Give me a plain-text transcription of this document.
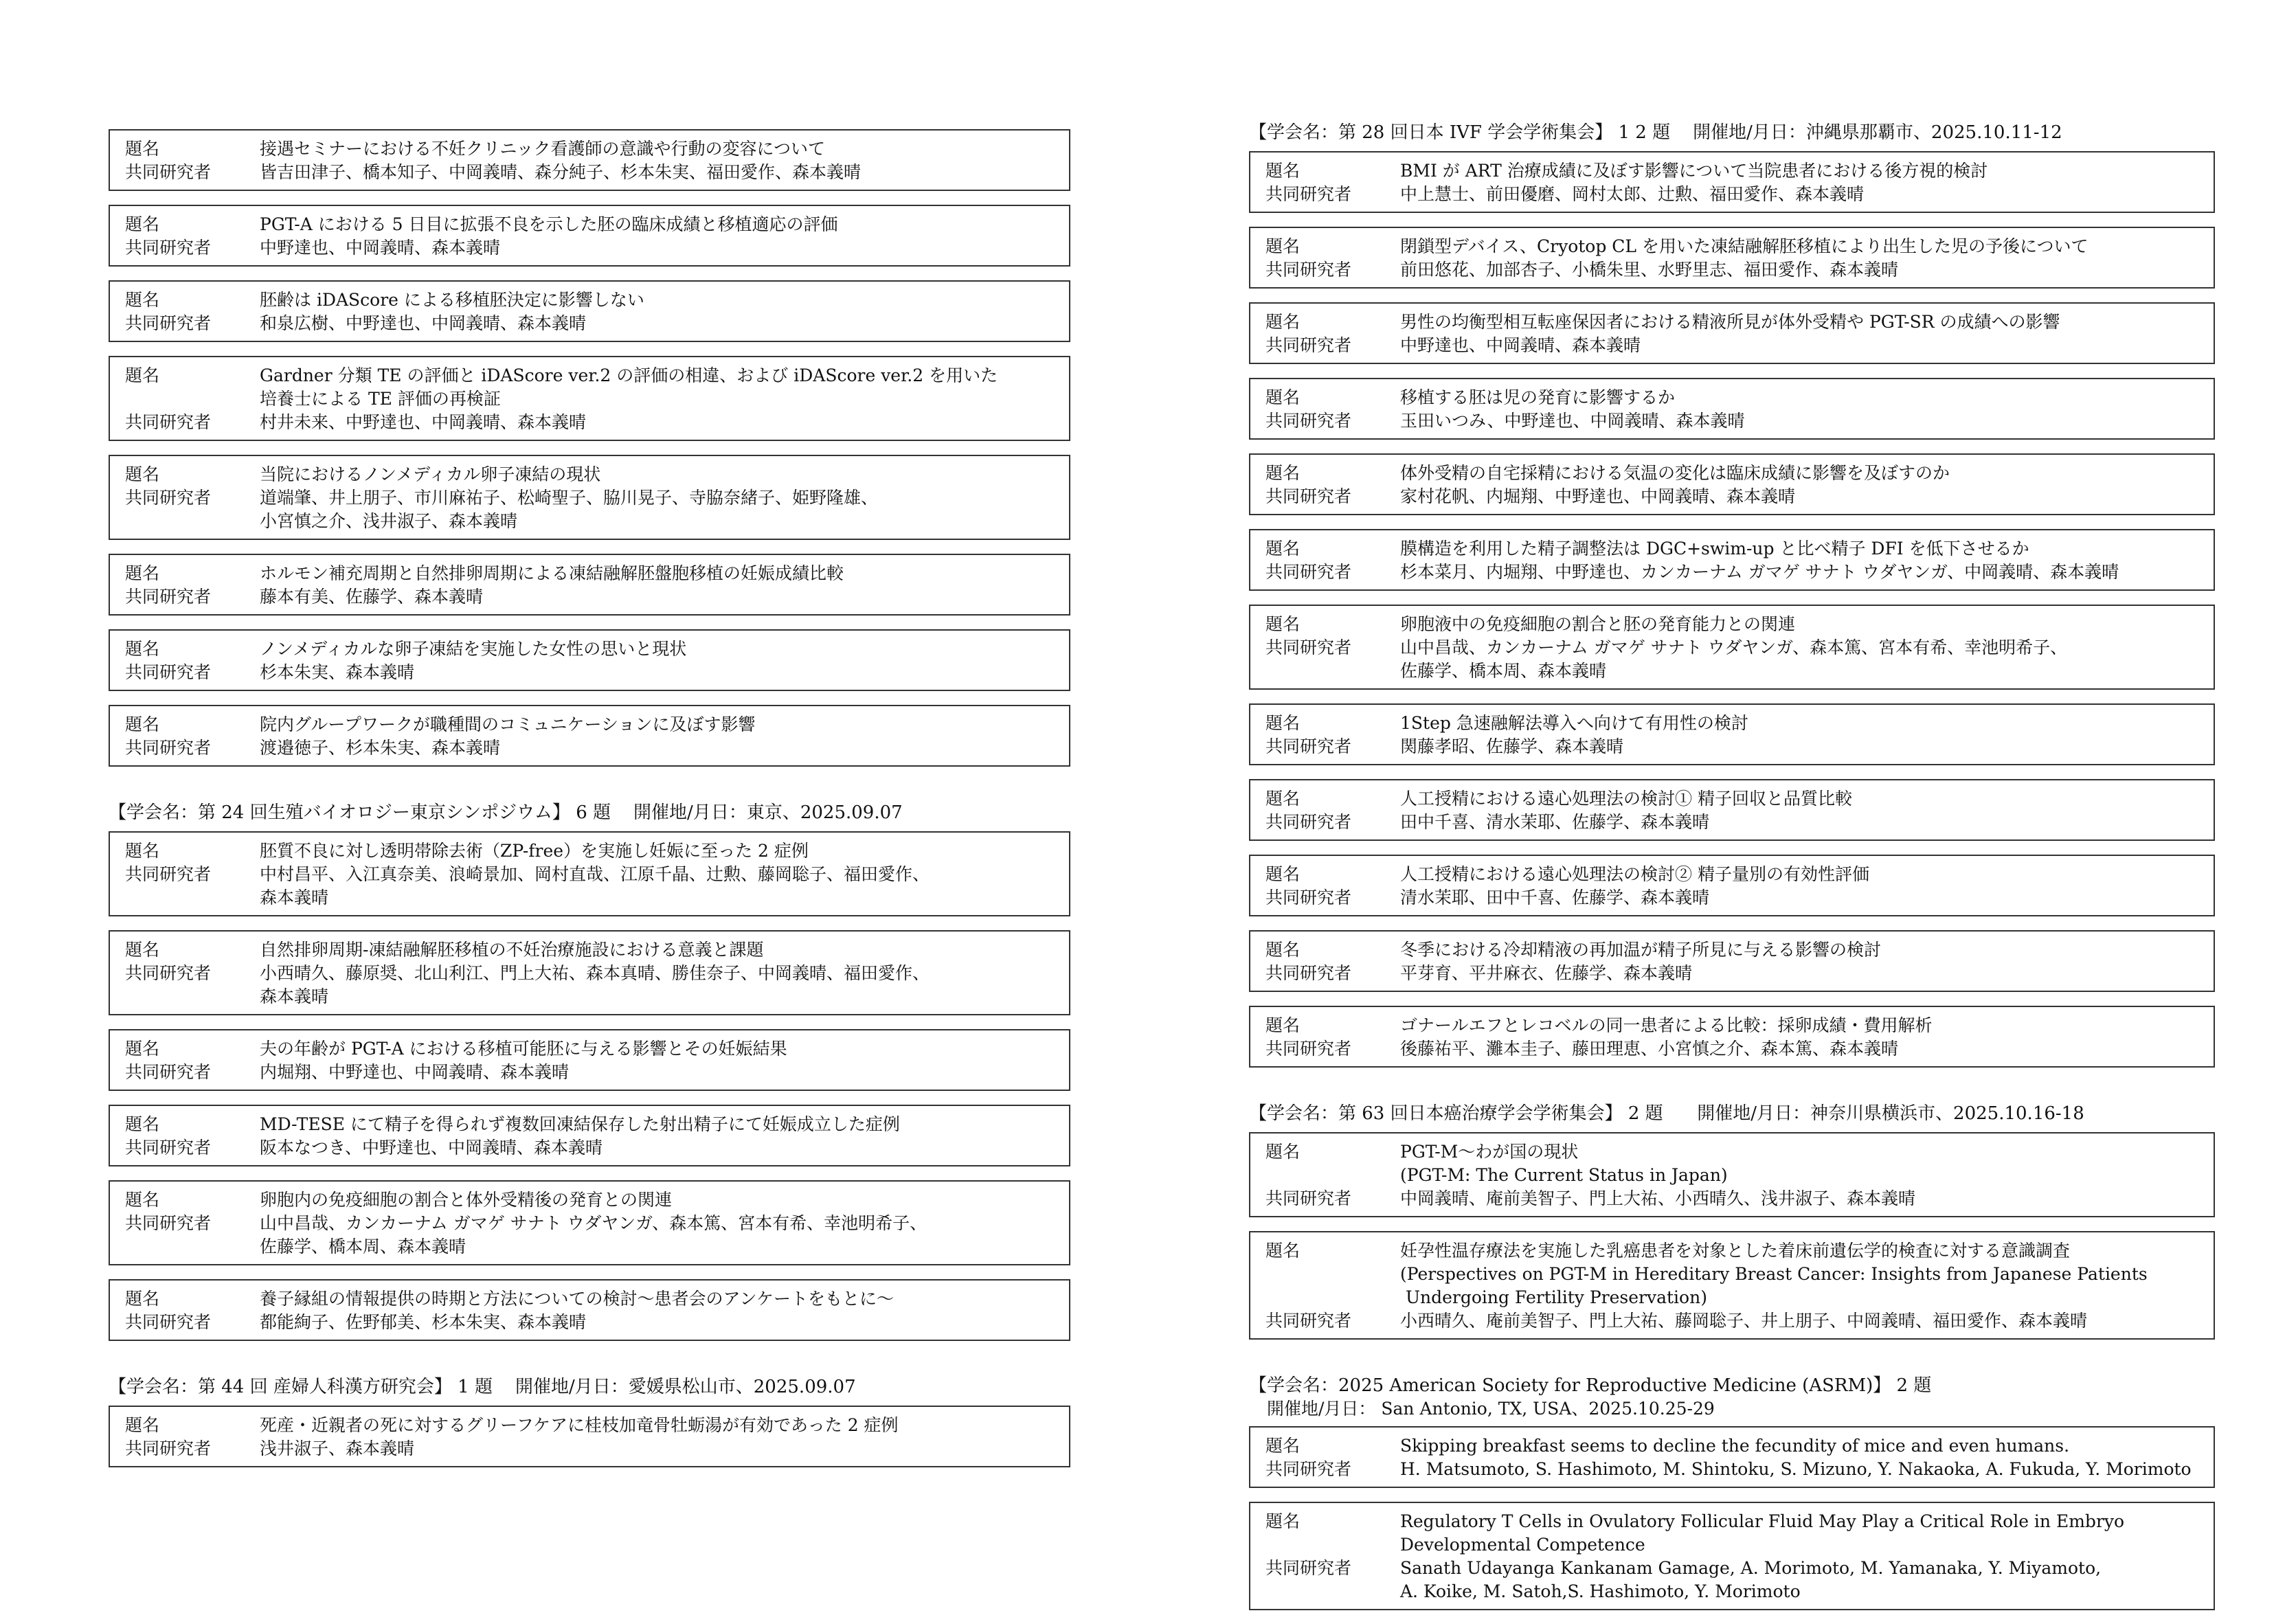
題名	接遇セミナーにおける不妊クリニック看護師の意識や行動の変容について
共同研究者	皆吉田津子、橋本知子、中岡義晴、森分純子、杉本朱実、福田愛作、森本義晴
題名	PGT-A における 5 日目に拡張不良を示した胚の臨床成績と移植適応の評価
共同研究者	中野達也、中岡義晴、森本義晴
題名	胚齢は iDAScore による移植胚決定に影響しない
共同研究者	和泉広樹、中野達也、中岡義晴、森本義晴
題名	Gardner 分類 TE の評価と iDAScore ver.2 の評価の相違、および iDAScore ver.2 を用いた
培養士による TE 評価の再検証
共同研究者	村井未来、中野達也、中岡義晴、森本義晴
題名	当院におけるノンメディカル卵子凍結の現状
共同研究者	道端肇、井上朋子、市川麻祐子、松崎聖子、脇川晃子、寺脇奈緒子、姫野隆雄、
小宮慎之介、浅井淑子、森本義晴
題名	ホルモン補充周期と自然排卵周期による凍結融解胚盤胞移植の妊娠成績比較
共同研究者	藤本有美、佐藤学、森本義晴
題名	ノンメディカルな卵子凍結を実施した女性の思いと現状
共同研究者	杉本朱実、森本義晴
題名	院内グループワークが職種間のコミュニケーションに及ぼす影響
共同研究者	渡邉徳子、杉本朱実、森本義晴
【学会名：第 24 回生殖バイオロジー東京シンポジウム】 6 題    開催地/月日：東京、2025.09.07
題名	胚質不良に対し透明帯除去術（ZP-free）を実施し妊娠に至った 2 症例
共同研究者	中村昌平、入江真奈美、浪崎景加、岡村直哉、江原千晶、辻勲、藤岡聡子、福田愛作、
森本義晴
題名	自然排卵周期-凍結融解胚移植の不妊治療施設における意義と課題
共同研究者	小西晴久、藤原奨、北山利江、門上大祐、森本真晴、勝佳奈子、中岡義晴、福田愛作、
森本義晴
題名	夫の年齢が PGT-A における移植可能胚に与える影響とその妊娠結果
共同研究者	内堀翔、中野達也、中岡義晴、森本義晴
題名	MD-TESE にて精子を得られず複数回凍結保存した射出精子にて妊娠成立した症例
共同研究者	阪本なつき、中野達也、中岡義晴、森本義晴
題名	卵胞内の免疫細胞の割合と体外受精後の発育との関連
共同研究者	山中昌哉、カンカーナム ガマゲ サナト ウダヤンガ、森本篤、宮本有希、幸池明希子、
佐藤学、橋本周、森本義晴
題名	養子縁組の情報提供の時期と方法についての検討～患者会のアンケートをもとに～
共同研究者	都能絢子、佐野郁美、杉本朱実、森本義晴
【学会名：第 44 回 産婦人科漢方研究会】 1 題    開催地/月日：愛媛県松山市、2025.09.07
題名	死産・近親者の死に対するグリーフケアに桂枝加竜骨牡蛎湯が有効であった 2 症例
共同研究者	浅井淑子、森本義晴
【学会名：第 28 回日本 IVF 学会学術集会】 1 2 題    開催地/月日：沖縄県那覇市、2025.10.11-12
題名	BMI が ART 治療成績に及ぼす影響について当院患者における後方視的検討
共同研究者	中上慧士、前田優磨、岡村太郎、辻勲、福田愛作、森本義晴
題名	閉鎖型デバイス、Cryotop CL を用いた凍結融解胚移植により出生した児の予後について
共同研究者	前田悠花、加部杏子、小橋朱里、水野里志、福田愛作、森本義晴
題名	男性の均衡型相互転座保因者における精液所見が体外受精や PGT-SR の成績への影響
共同研究者	中野達也、中岡義晴、森本義晴
題名	移植する胚は児の発育に影響するか
共同研究者	玉田いつみ、中野達也、中岡義晴、森本義晴
題名	体外受精の自宅採精における気温の変化は臨床成績に影響を及ぼすのか
共同研究者	家村花帆、内堀翔、中野達也、中岡義晴、森本義晴
題名	膜構造を利用した精子調整法は DGC+swim-up と比べ精子 DFI を低下させるか
共同研究者	杉本菜月、内堀翔、中野達也、カンカーナム ガマゲ サナト ウダヤンガ、中岡義晴、森本義晴
題名	卵胞液中の免疫細胞の割合と胚の発育能力との関連
共同研究者	山中昌哉、カンカーナム ガマゲ サナト ウダヤンガ、森本篤、宮本有希、幸池明希子、
佐藤学、橋本周、森本義晴
題名	1Step 急速融解法導入へ向けて有用性の検討
共同研究者	関藤孝昭、佐藤学、森本義晴
題名	人工授精における遠心処理法の検討① 精子回収と品質比較
共同研究者	田中千喜、清水茉耶、佐藤学、森本義晴
題名	人工授精における遠心処理法の検討② 精子量別の有効性評価
共同研究者	清水茉耶、田中千喜、佐藤学、森本義晴
題名	冬季における冷却精液の再加温が精子所見に与える影響の検討
共同研究者	平芽育、平井麻衣、佐藤学、森本義晴
題名	ゴナールエフとレコベルの同一患者による比較：採卵成績・費用解析
共同研究者	後藤祐平、灘本圭子、藤田理恵、小宮慎之介、森本篤、森本義晴
【学会名：第 63 回日本癌治療学会学術集会】 2 題      開催地/月日：神奈川県横浜市、2025.10.16-18
題名	PGT-M～わが国の現状
(PGT-M: The Current Status in Japan)
共同研究者	中岡義晴、庵前美智子、門上大祐、小西晴久、浅井淑子、森本義晴
題名	妊孕性温存療法を実施した乳癌患者を対象とした着床前遺伝学的検査に対する意識調査
(Perspectives on PGT-M in Hereditary Breast Cancer: Insights from Japanese Patients
Undergoing Fertility Preservation)
共同研究者	小西晴久、庵前美智子、門上大祐、藤岡聡子、井上朋子、中岡義晴、福田愛作、森本義晴
【学会名：2025 American Society for Reproductive Medicine (ASRM)】 2 題
開催地/月日： San Antonio, TX, USA、2025.10.25-29
題名	Skipping breakfast seems to decline the fecundity of mice and even humans.
共同研究者	H. Matsumoto, S. Hashimoto, M. Shintoku, S. Mizuno, Y. Nakaoka, A. Fukuda, Y. Morimoto
題名	Regulatory T Cells in Ovulatory Follicular Fluid May Play a Critical Role in Embryo
Developmental Competence
共同研究者	Sanath Udayanga Kankanam Gamage, A. Morimoto, M. Yamanaka, Y. Miyamoto,
A. Koike, M. Satoh,S. Hashimoto, Y. Morimoto
